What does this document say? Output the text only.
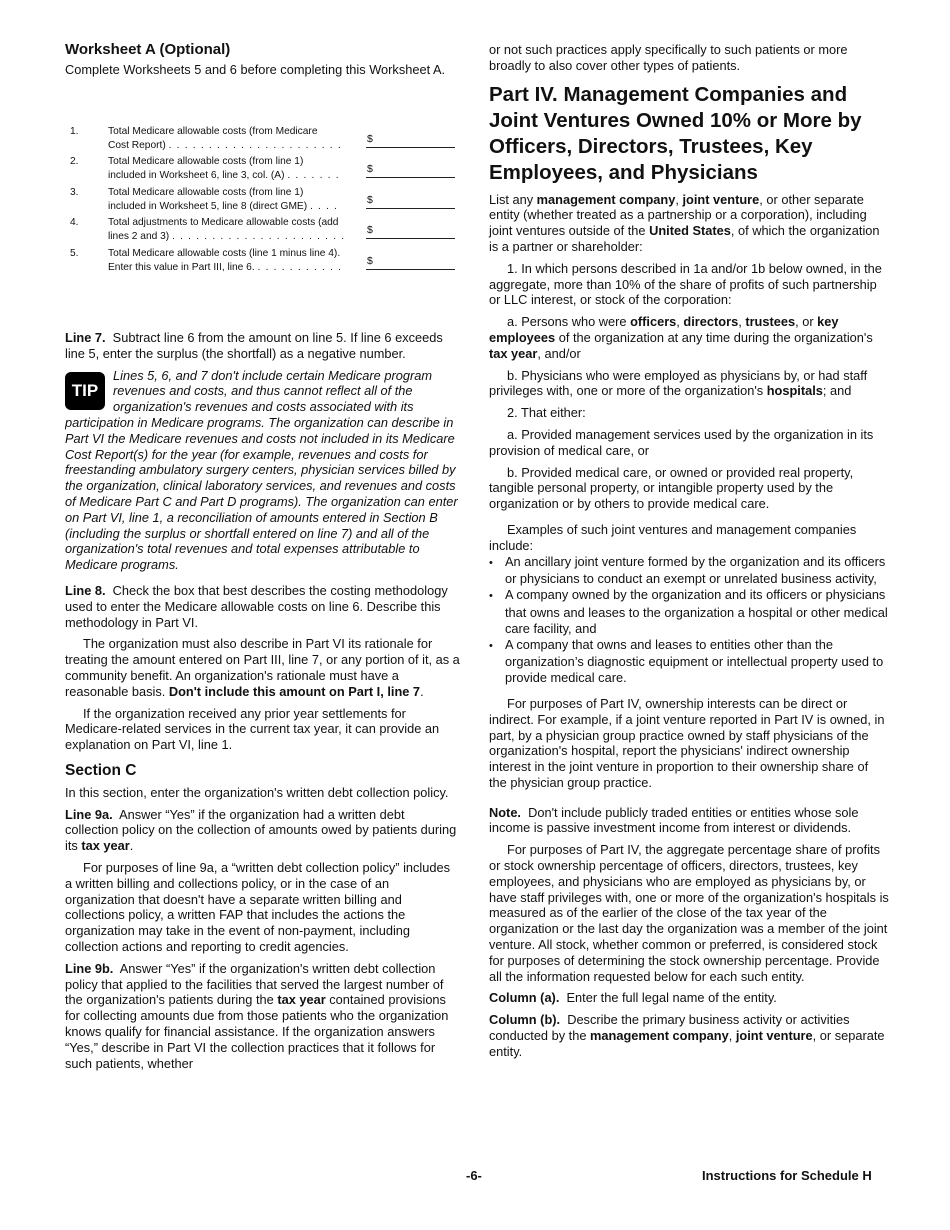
Worksheet A (Optional)

Complete Worksheets 5 and 6 before completing this Worksheet A.

1.	Total Medicare allowable costs (from Medicare
Cost Report) . . . . . . . . . . . . . . . . . . . . . .
$
2.	Total Medicare allowable costs (from line 1)
included in Worksheet 6, line 3, col. (A) . . . . . . .
$
3.	Total Medicare allowable costs (from line 1)
included in Worksheet 5, line 8 (direct GME) . . . .
$
4.	Total adjustments to Medicare allowable costs (add
lines 2 and 3) . . . . . . . . . . . . . . . . . . . . . .
$
5.	Total Medicare allowable costs (line 1 minus line 4).
Enter this value in Part III, line 6. . . . . . . . . . . .
$

Line 7. Subtract line 6 from the amount on line 5. If line 6 exceeds line 5, enter the surplus (the shortfall) as a negative number.

TIP
Lines 5, 6, and 7 don't include certain Medicare program revenues and costs, and thus cannot reflect all of the organization's revenues and costs associated with its participation in Medicare programs. The organization can describe in Part VI the Medicare revenues and costs not included in its Medicare Cost Report(s) for the year (for example, revenues and costs for freestanding ambulatory surgery centers, physician services billed by the organization, clinical laboratory services, and revenues and costs of Medicare Part C and Part D programs). The organization can enter on Part VI, line 1, a reconciliation of amounts entered in Section B (including the surplus or shortfall entered on line 7) and all of the organization's total revenues and total expenses attributable to Medicare programs.

Line 8. Check the box that best describes the costing methodology used to enter the Medicare allowable costs on line 6. Describe this methodology in Part VI.

The organization must also describe in Part VI its rationale for treating the amount entered on Part III, line 7, or any portion of it, as a community benefit. An organization's rationale must have a reasonable basis. Don't include this amount on Part I, line 7.

If the organization received any prior year settlements for Medicare-related services in the current tax year, it can provide an explanation on Part VI, line 1.

Section C

In this section, enter the organization's written debt collection policy.

Line 9a. Answer “Yes” if the organization had a written debt collection policy on the collection of amounts owed by patients during its tax year.

For purposes of line 9a, a “written debt collection policy” includes a written billing and collections policy, or in the case of an organization that doesn't have a separate written billing and collections policy, a written FAP that includes the actions the organization may take in the event of non-payment, including collection actions and reporting to credit agencies.

Line 9b. Answer “Yes” if the organization's written debt collection policy that applied to the facilities that served the largest number of the organization's patients during the tax year contained provisions for collecting amounts due from those patients who the organization knows qualify for financial assistance. If the organization answers “Yes,” describe in Part VI the collection practices that it follows for such patients, whether

or not such practices apply specifically to such patients or more broadly to also cover other types of patients.

Part IV. Management Companies and Joint Ventures Owned 10% or More by Officers, Directors, Trustees, Key Employees, and Physicians

List any management company, joint venture, or other separate entity (whether treated as a partnership or a corporation), including joint ventures outside of the United States, of which the organization is a partner or shareholder:

1. In which persons described in 1a and/or 1b below owned, in the aggregate, more than 10% of the share of profits of such partnership or LLC interest, or stock of the corporation:

a. Persons who were officers, directors, trustees, or key employees of the organization at any time during the organization's tax year, and/or

b. Physicians who were employed as physicians by, or had staff privileges with, one or more of the organization's hospitals; and

2. That either:

a. Provided management services used by the organization in its provision of medical care, or

b. Provided medical care, or owned or provided real property, tangible personal property, or intangible property used by the organization or by others to provide medical care.

Examples of such joint ventures and management companies include:

• An ancillary joint venture formed by the organization and its officers or physicians to conduct an exempt or unrelated business activity,

• A company owned by the organization and its officers or physicians that owns and leases to the organization a hospital or other medical care facility, and

• A company that owns and leases to entities other than the organization’s diagnostic equipment or intellectual property used to provide medical care.

For purposes of Part IV, ownership interests can be direct or indirect. For example, if a joint venture reported in Part IV is owned, in part, by a physician group practice owned by staff physicians of the organization's hospital, report the physicians' indirect ownership interest in the joint venture in proportion to their ownership share of the physician group practice.

Note. Don't include publicly traded entities or entities whose sole income is passive investment income from interest or dividends.

For purposes of Part IV, the aggregate percentage share of profits or stock ownership percentage of officers, directors, trustees, key employees, and physicians who are employed as physicians by, or have staff privileges with, one or more of the organization's hospitals is measured as of the earlier of the close of the tax year of the organization or the last day the organization was a member of the joint venture. All stock, whether common or preferred, is considered stock for purposes of determining the stock ownership percentage. Provide all the information requested below for each such entity.

Column (a). Enter the full legal name of the entity.

Column (b). Describe the primary business activity or activities conducted by the management company, joint venture, or separate entity.

-6-	Instructions for Schedule H
